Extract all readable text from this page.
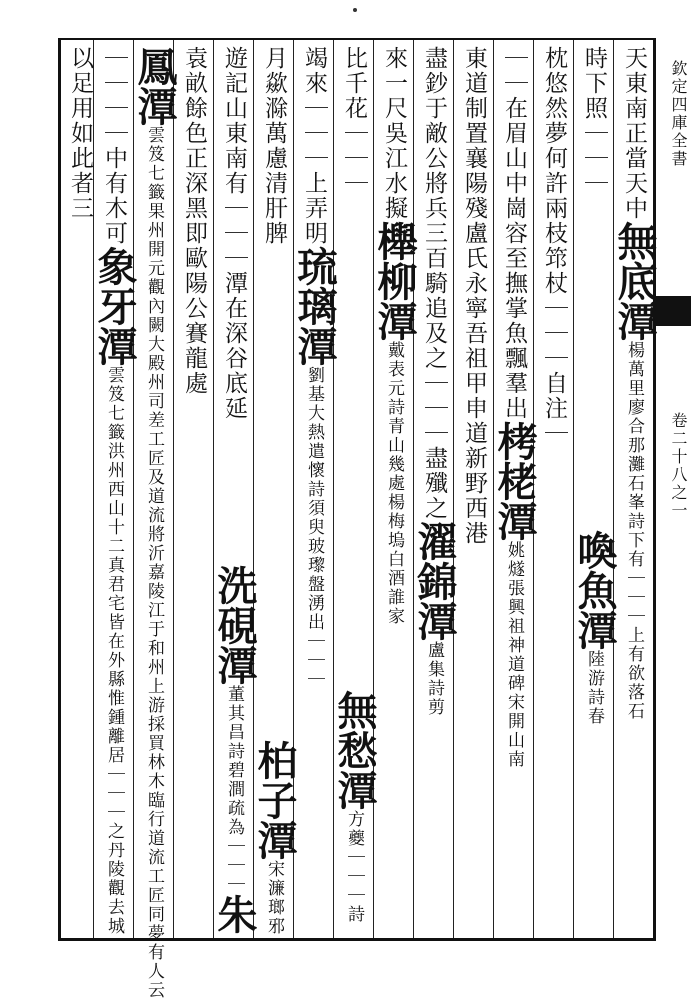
欽定四庫全書
卷二十八之一
天東南正當天中無底潭楊萬里廖合那灘石峯詩下有｜｜｜上有欲落石
時下照｜｜｜
喚魚潭陸游詩春
枕悠然夢何許兩枝筇杖｜｜｜自注｜
｜｜在眉山中崗容至撫掌魚飄羣出栲栳潭姚燧張興祖神道碑宋開山南
東道制置襄陽殘盧氏永寧吾祖甲申道新野西港
盡鈔于敵公將兵三百騎追及之｜｜｜盡殲之濯錦潭盧集詩剪
來一尺吳江水擬櫸柳潭戴表元詩青山幾處楊梅塢白酒誰家
比千花｜｜｜
無愁潭方夔｜｜｜詩
竭來｜｜｜上弄明琉璃潭劉基大熱遣懷詩須臾玻瓈盤湧出｜｜｜
月歘滁萬慮清肝脾
柏子潭宋濂瑯邪
遊記山東南有｜｜｜潭在深谷底延
袁畝餘色正深黑即歐陽公賽龍處
洗硯潭董其昌詩碧澗疏為｜｜｜朱
鳳潭雲笈七籤果州開元觀內闕大殿州司差工匠及道流將沂嘉陵江于和州上游採買林木臨行道流工匠同夢有人云
｜｜｜｜中有木可象牙潭雲笈七籤洪州西山十二真君宅皆在外縣惟鍾離居｜｜｜之丹陵觀去城
以足用如此者三
